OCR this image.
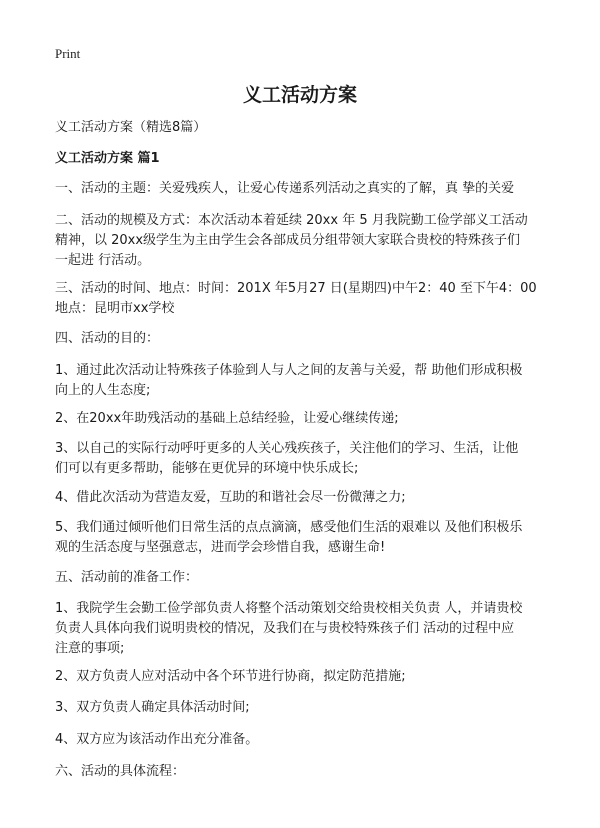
Print
义工活动方案

义工活动方案（精选8篇）

义工活动方案 篇1

一、活动的主题：关爱残疾人，让爱心传递系列活动之真实的了解，真 挚的关爱

二、活动的规模及方式：本次活动本着延续 20xx 年 5 月我院勤工俭学部义工活动
精神，以 20xx级学生为主由学生会各部成员分组带领大家联合贵校的特殊孩子们
一起进 行活动。

三、活动的时间、地点：时间：201X 年5月27 日(星期四)中午2：40 至下午4：00
地点：昆明市xx学校

四、活动的目的：

1、通过此次活动让特殊孩子体验到人与人之间的友善与关爱，帮 助他们形成积极
向上的人生态度;

2、在20xx年助残活动的基础上总结经验，让爱心继续传递;

3、以自己的实际行动呼吁更多的人关心残疾孩子，关注他们的学习、生活，让他
们可以有更多帮助，能够在更优异的环境中快乐成长;

4、借此次活动为营造友爱，互助的和谐社会尽一份微薄之力;

5、我们通过倾听他们日常生活的点点滴滴，感受他们生活的艰难以 及他们积极乐
观的生活态度与坚强意志，进而学会珍惜自我，感谢生命!

五、活动前的准备工作：

1、我院学生会勤工俭学部负责人将整个活动策划交给贵校相关负责 人，并请贵校
负责人具体向我们说明贵校的情况，及我们在与贵校特殊孩子们 活动的过程中应
注意的事项;

2、双方负责人应对活动中各个环节进行协商，拟定防范措施;

3、双方负责人确定具体活动时间;

4、双方应为该活动作出充分准备。

六、活动的具体流程：
